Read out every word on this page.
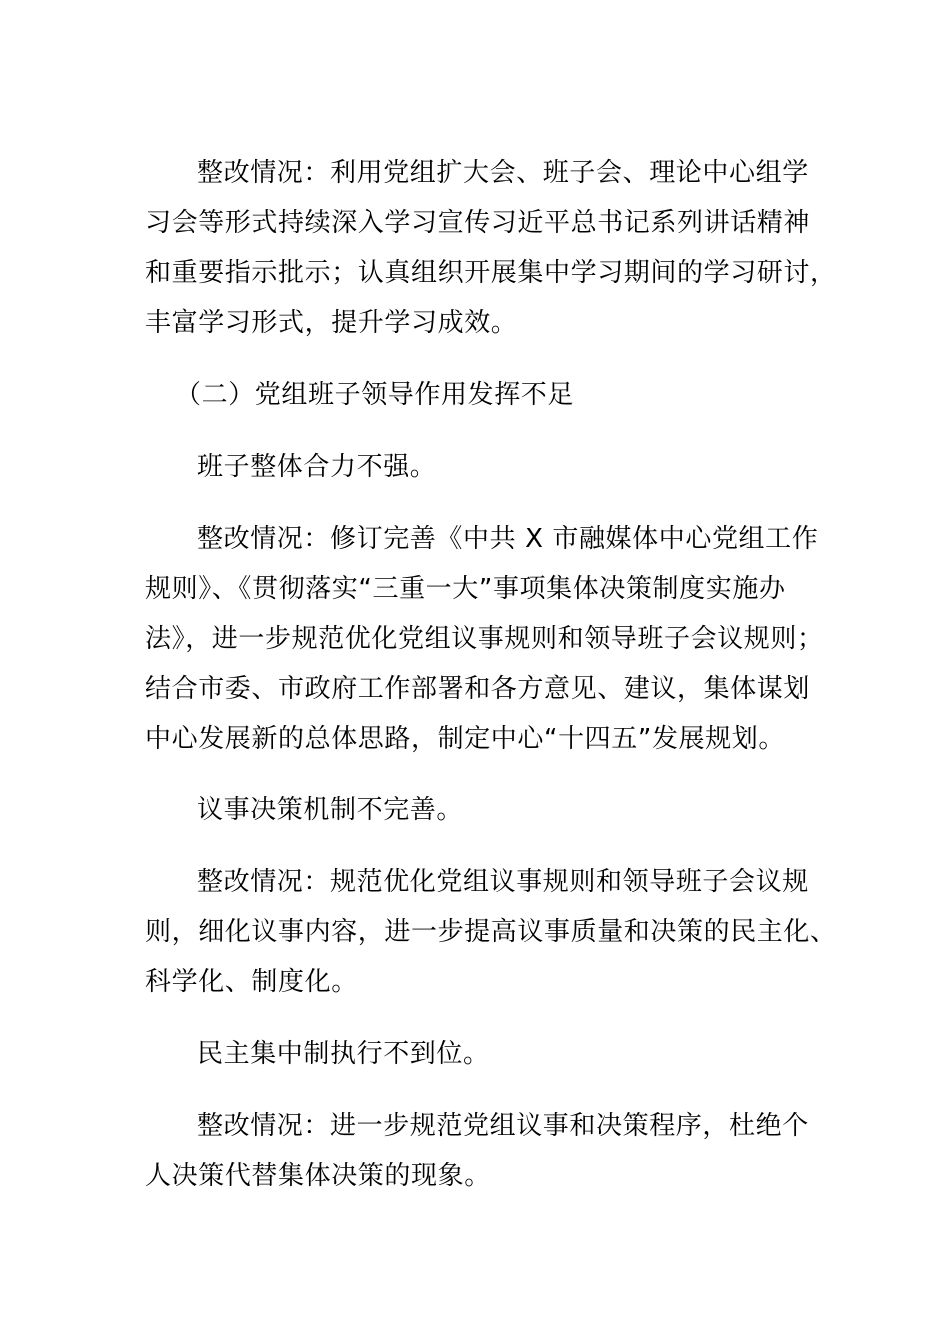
整改情况：利用党组扩大会、班子会、理论中心组学
习会等形式持续深入学习宣传习近平总书记系列讲话精神
和重要指示批示；认真组织开展集中学习期间的学习研讨，
丰富学习形式，提升学习成效。
（二）党组班子领导作用发挥不足
班子整体合力不强。
整改情况：修订完善《中共 X 市融媒体中心党组工作
规则》、《贯彻落实“三重一大”事项集体决策制度实施办
法》，进一步规范优化党组议事规则和领导班子会议规则；
结合市委、市政府工作部署和各方意见、建议，集体谋划
中心发展新的总体思路，制定中心“十四五”发展规划。
议事决策机制不完善。
整改情况：规范优化党组议事规则和领导班子会议规
则，细化议事内容，进一步提高议事质量和决策的民主化、
科学化、制度化。
民主集中制执行不到位。
整改情况：进一步规范党组议事和决策程序，杜绝个
人决策代替集体决策的现象。
